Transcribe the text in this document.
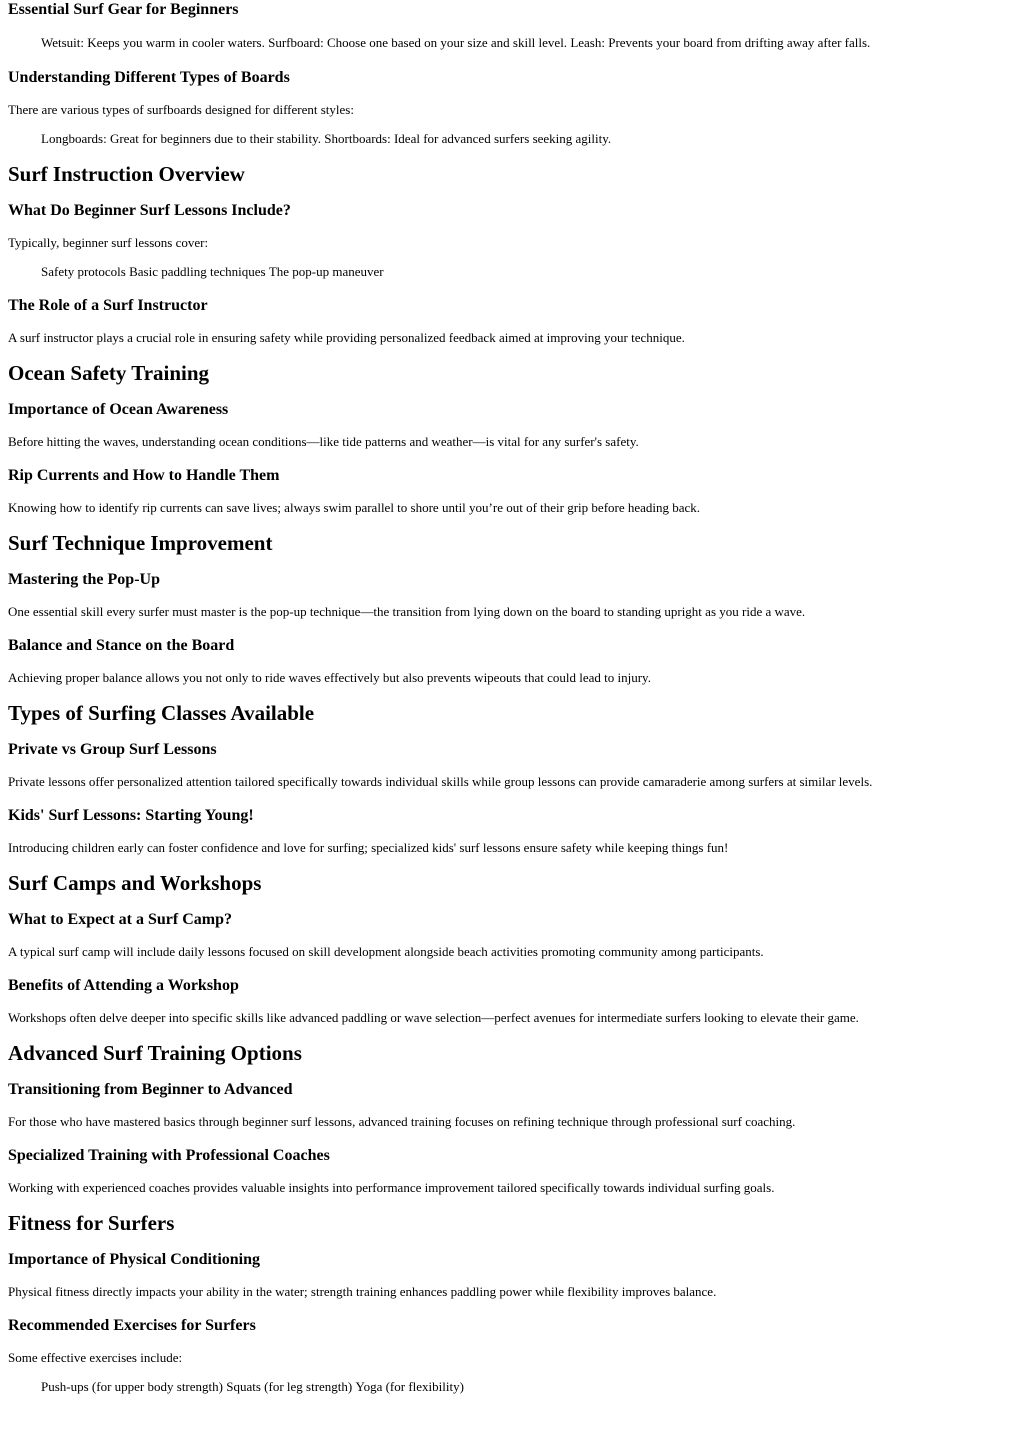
Essential Surf Gear for Beginners
Wetsuit: Keeps you warm in cooler waters. Surfboard: Choose one based on your size and skill level. Leash: Prevents your board from drifting away after falls.
Understanding Different Types of Boards

There are various types of surfboards designed for different styles:

Longboards: Great for beginners due to their stability. Shortboards: Ideal for advanced surfers seeking agility.
Surf Instruction Overview
What Do Beginner Surf Lessons Include?

Typically, beginner surf lessons cover:

Safety protocols Basic paddling techniques The pop-up maneuver
The Role of a Surf Instructor

A surf instructor plays a crucial role in ensuring safety while providing personalized feedback aimed at improving your technique.

Ocean Safety Training
Importance of Ocean Awareness

Before hitting the waves, understanding ocean conditions—like tide patterns and weather—is vital for any surfer's safety.

Rip Currents and How to Handle Them

Knowing how to identify rip currents can save lives; always swim parallel to shore until you’re out of their grip before heading back.

Surf Technique Improvement
Mastering the Pop-Up

One essential skill every surfer must master is the pop-up technique—the transition from lying down on the board to standing upright as you ride a wave.

Balance and Stance on the Board

Achieving proper balance allows you not only to ride waves effectively but also prevents wipeouts that could lead to injury.

Types of Surfing Classes Available
Private vs Group Surf Lessons

Private lessons offer personalized attention tailored specifically towards individual skills while group lessons can provide camaraderie among surfers at similar levels.

Kids' Surf Lessons: Starting Young!

Introducing children early can foster confidence and love for surfing; specialized kids' surf lessons ensure safety while keeping things fun!

Surf Camps and Workshops
What to Expect at a Surf Camp?

A typical surf camp will include daily lessons focused on skill development alongside beach activities promoting community among participants.

Benefits of Attending a Workshop

Workshops often delve deeper into specific skills like advanced paddling or wave selection—perfect avenues for intermediate surfers looking to elevate their game.

Advanced Surf Training Options
Transitioning from Beginner to Advanced

For those who have mastered basics through beginner surf lessons, advanced training focuses on refining technique through professional surf coaching.

Specialized Training with Professional Coaches

Working with experienced coaches provides valuable insights into performance improvement tailored specifically towards individual surfing goals.

Fitness for Surfers
Importance of Physical Conditioning

Physical fitness directly impacts your ability in the water; strength training enhances paddling power while flexibility improves balance.

Recommended Exercises for Surfers

Some effective exercises include:

Push-ups (for upper body strength) Squats (for leg strength) Yoga (for flexibility)
